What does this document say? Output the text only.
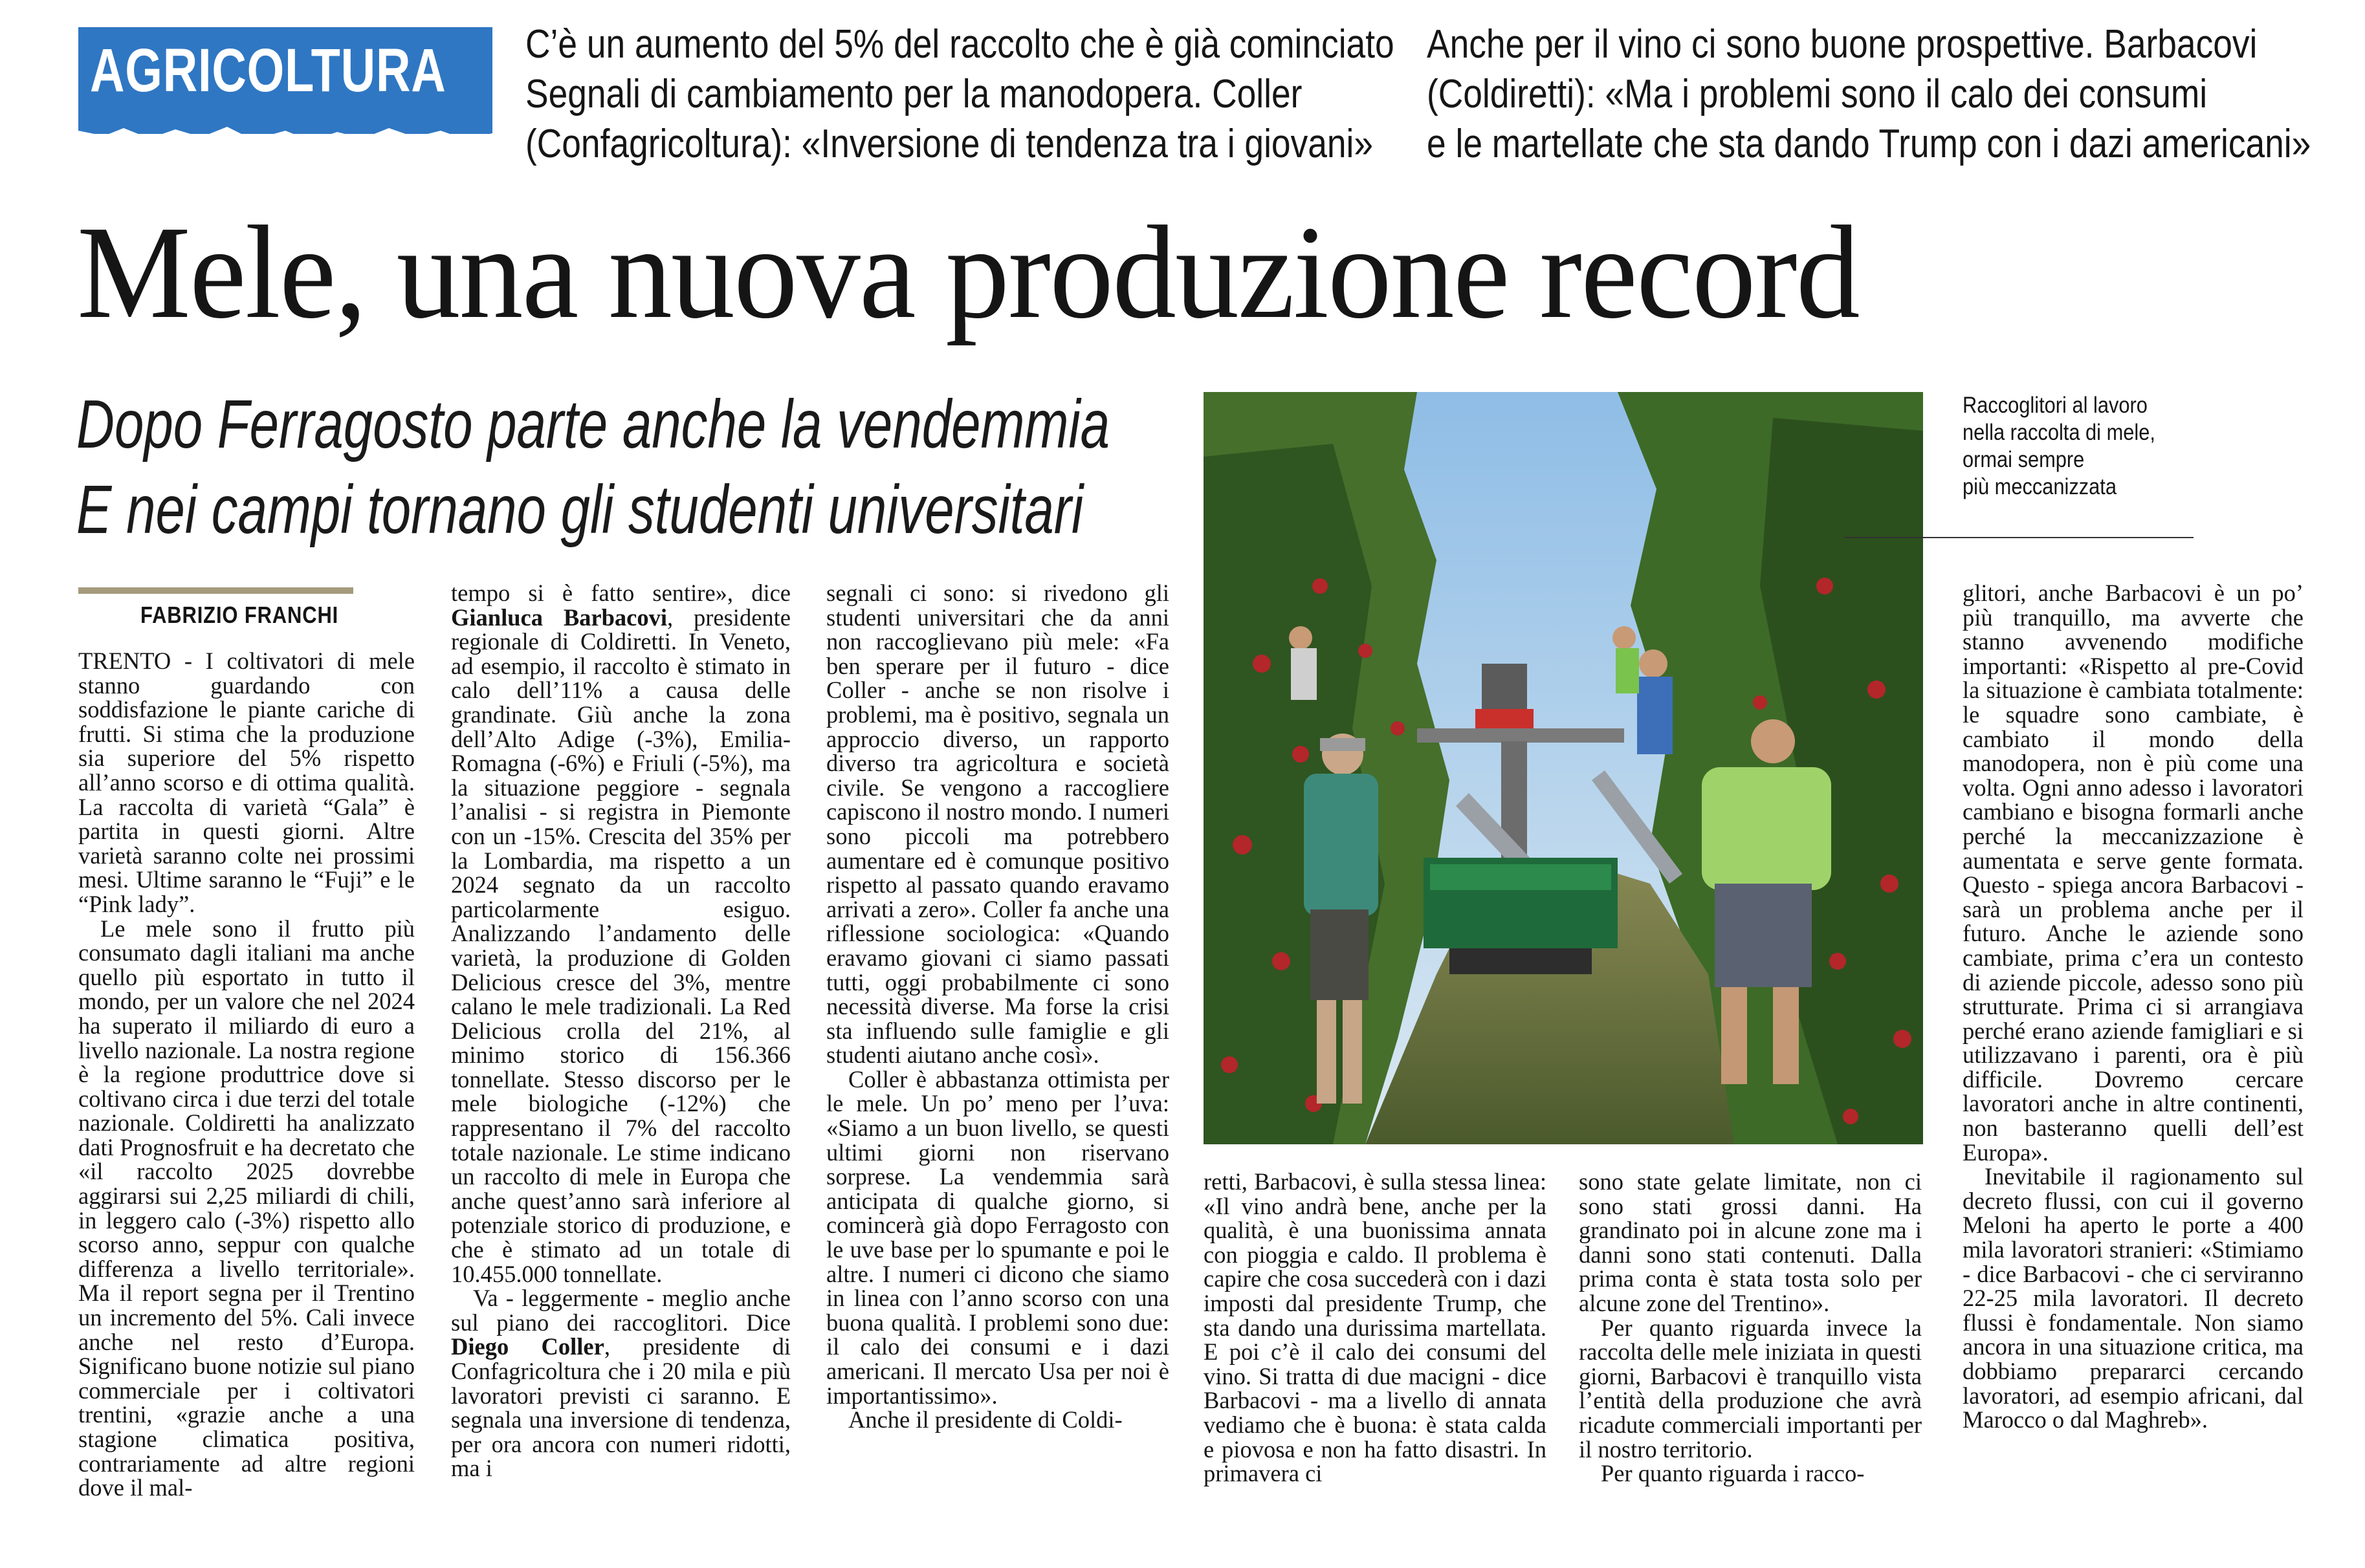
AGRICOLTURA C’è un aumento del 5% del raccolto che è già cominciato
Segnali di cambiamento per la manodopera. Coller
(Confagricoltura): «Inversione di tendenza tra i giovani»
Anche per il vino ci sono buone prospettive. Barbacovi
(Coldiretti): «Ma i problemi sono il calo dei consumi
e le martellate che sta dando Trump con i dazi americani»
Mele, una nuova produzione record
Dopo Ferragosto parte anche la vendemmia
E nei campi tornano gli studenti universitari
FABRIZIO FRANCHI

TRENTO - I coltivatori di mele stanno guardando con soddisfazione le piante cariche di frutti. Si stima che la produzione sia superiore del 5% rispetto all’anno scorso e di ottima qualità. La raccolta di varietà “Gala” è partita in questi giorni. Altre varietà saranno colte nei prossimi mesi. Ultime saranno le “Fuji” e le “Pink lady”.

Le mele sono il frutto più consumato dagli italiani ma anche quello più esportato in tutto il mondo, per un valore che nel 2024 ha superato il miliardo di euro a livello nazionale. La nostra regione è la regione produttrice dove si coltivano circa i due terzi del totale nazionale. Coldiretti ha analizzato dati Prognosfruit e ha decretato che «il raccolto 2025 dovrebbe aggirarsi sui 2,25 miliardi di chili, in leggero calo (-3%) rispetto allo scorso anno, seppur con qualche differenza a livello territoriale». Ma il report segna per il Trentino un incremento del 5%. Cali invece anche nel resto d’Europa. Significano buone notizie sul piano commerciale per i coltivatori trentini, «grazie anche a una stagione climatica positiva, contrariamente ad altre regioni dove il mal-

tempo si è fatto sentire», dice Gianluca Barbacovi, presidente regionale di Coldiretti. In Veneto, ad esempio, il raccolto è stimato in calo dell’11% a causa delle grandinate. Giù anche la zona dell’Alto Adige (-3%), Emilia-Romagna (-6%) e Friuli (-5%), ma la situazione peggiore - segnala l’analisi - si registra in Piemonte con un -15%. Crescita del 35% per la Lombardia, ma rispetto a un 2024 segnato da un raccolto particolarmente esiguo. Analizzando l’andamento delle varietà, la produzione di Golden Delicious cresce del 3%, mentre calano le mele tradizionali. La Red Delicious crolla del 21%, al minimo storico di 156.366 tonnellate. Stesso discorso per le mele biologiche (-12%) che rappresentano il 7% del raccolto totale nazionale. Le stime indicano un raccolto di mele in Europa che anche quest’anno sarà inferiore al potenziale storico di produzione, e che è stimato ad un totale di 10.455.000 tonnellate.

Va - leggermente - meglio anche sul piano dei raccoglitori. Dice Diego Coller, presidente di Confagricoltura che i 20 mila e più lavoratori previsti ci saranno. E segnala una inversione di tendenza, per ora ancora con numeri ridotti, ma i

segnali ci sono: si rivedono gli studenti universitari che da anni non raccoglievano più mele: «Fa ben sperare per il futuro - dice Coller - anche se non risolve i problemi, ma è positivo, segnala un approccio diverso, un rapporto diverso tra agricoltura e società civile. Se vengono a raccogliere capiscono il nostro mondo. I numeri sono piccoli ma potrebbero aumentare ed è comunque positivo rispetto al passato quando eravamo arrivati a zero». Coller fa anche una riflessione sociologica: «Quando eravamo giovani ci siamo passati tutti, oggi probabilmente ci sono necessità diverse. Ma forse la crisi sta influendo sulle famiglie e gli studenti aiutano anche così».

Coller è abbastanza ottimista per le mele. Un po’ meno per l’uva: «Siamo a un buon livello, se questi ultimi giorni non riservano sorprese. La vendemmia sarà anticipata di qualche giorno, si comincerà già dopo Ferragosto con le uve base per lo spumante e poi le altre. I numeri ci dicono che siamo in linea con l’anno scorso con una buona qualità. I problemi sono due: il calo dei consumi e i dazi americani. Il mercato Usa per noi è importantissimo».

Anche il presidente di Coldi-

Raccoglitori al lavoro
nella raccolta di mele,
ormai sempre
più meccanizzata

retti, Barbacovi, è sulla stessa linea: «Il vino andrà bene, anche per la qualità, è una buonissima annata con pioggia e caldo. Il problema è capire che cosa succederà con i dazi imposti dal presidente Trump, che sta dando una durissima martellata. E poi c’è il calo dei consumi del vino. Si tratta di due macigni - dice Barbacovi - ma a livello di annata vediamo che è buona: è stata calda e piovosa e non ha fatto disastri. In primavera ci

sono state gelate limitate, non ci sono stati grossi danni. Ha grandinato poi in alcune zone ma i danni sono stati contenuti. Dalla prima conta è stata tosta solo per alcune zone del Trentino».

Per quanto riguarda invece la raccolta delle mele iniziata in questi giorni, Barbacovi è tranquillo vista l’entità della produzione che avrà ricadute commerciali importanti per il nostro territorio.

Per quanto riguarda i racco-

glitori, anche Barbacovi è un po’ più tranquillo, ma avverte che stanno avvenendo modifiche importanti: «Rispetto al pre-Covid la situazione è cambiata totalmente: le squadre sono cambiate, è cambiato il mondo della manodopera, non è più come una volta. Ogni anno adesso i lavoratori cambiano e bisogna formarli anche perché la meccanizzazione è aumentata e serve gente formata. Questo - spiega ancora Barbacovi - sarà un problema anche per il futuro. Anche le aziende sono cambiate, prima c’era un contesto di aziende piccole, adesso sono più strutturate. Prima ci si arrangiava perché erano aziende famigliari e si utilizzavano i parenti, ora è più difficile. Dovremo cercare lavoratori anche in altre continenti, non basteranno quelli dell’est Europa».

Inevitabile il ragionamento sul decreto flussi, con cui il governo Meloni ha aperto le porte a 400 mila lavoratori stranieri: «Stimiamo - dice Barbacovi - che ci serviranno 22-25 mila lavoratori. Il decreto flussi è fondamentale. Non siamo ancora in una situazione critica, ma dobbiamo prepararci cercando lavoratori, ad esempio africani, dal Marocco o dal Maghreb».
